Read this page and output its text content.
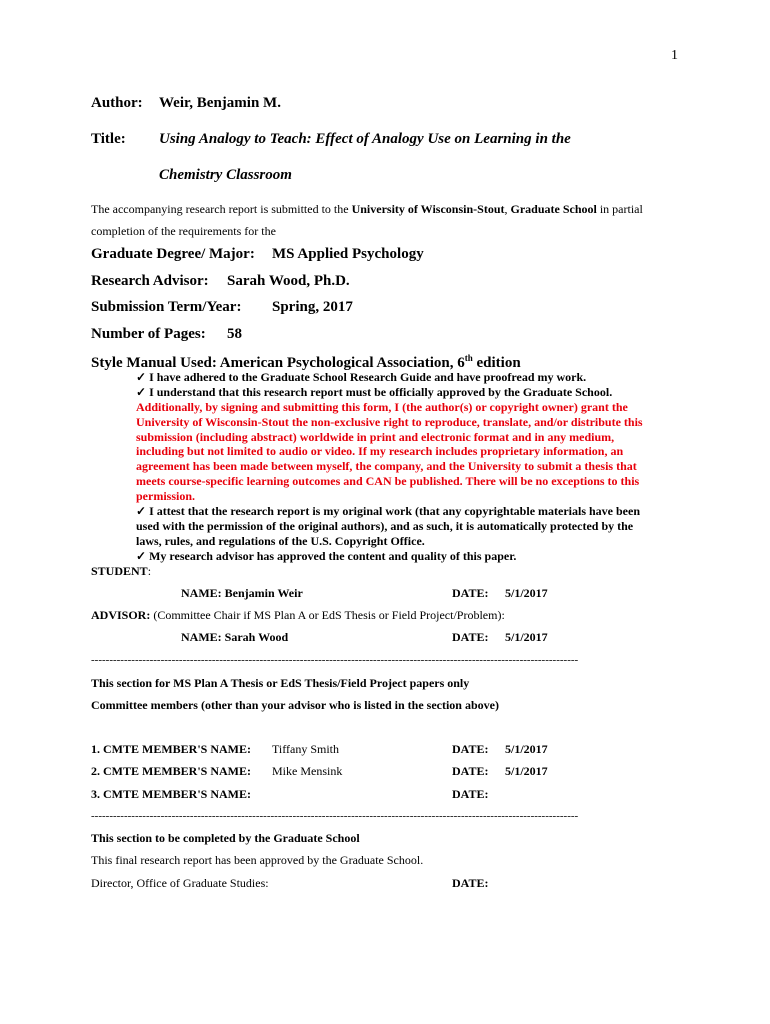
1
Author: Weir, Benjamin M.
Title: Using Analogy to Teach: Effect of Analogy Use on Learning in the
Chemistry Classroom
The accompanying research report is submitted to the University of Wisconsin-Stout, Graduate School in partial
completion of the requirements for the
Graduate Degree/ Major: MS Applied Psychology
Research Advisor: Sarah Wood, Ph.D.
Submission Term/Year: Spring, 2017
Number of Pages: 58
Style Manual Used: American Psychological Association, 6th edition
✓ I have adhered to the Graduate School Research Guide and have proofread my work.
✓ I understand that this research report must be officially approved by the Graduate School.
Additionally, by signing and submitting this form, I (the author(s) or copyright owner) grant the
University of Wisconsin-Stout the non-exclusive right to reproduce, translate, and/or distribute this
submission (including abstract) worldwide in print and electronic format and in any medium,
including but not limited to audio or video. If my research includes proprietary information, an
agreement has been made between myself, the company, and the University to submit a thesis that
meets course-specific learning outcomes and CAN be published. There will be no exceptions to this
permission.
✓ I attest that the research report is my original work (that any copyrightable materials have been
used with the permission of the original authors), and as such, it is automatically protected by the
laws, rules, and regulations of the U.S. Copyright Office.
✓ My research advisor has approved the content and quality of this paper.
STUDENT:
NAME: Benjamin Weir	DATE: 5/1/2017
ADVISOR: (Committee Chair if MS Plan A or EdS Thesis or Field Project/Problem):
NAME: Sarah Wood	DATE: 5/1/2017
-------------------------------------------------------------------------------------------------------------------------------------
This section for MS Plan A Thesis or EdS Thesis/Field Project papers only
Committee members (other than your advisor who is listed in the section above)
1. CMTE MEMBER'S NAME: Tiffany Smith	DATE: 5/1/2017
2. CMTE MEMBER'S NAME: Mike Mensink	DATE: 5/1/2017
3. CMTE MEMBER'S NAME:	DATE:
-------------------------------------------------------------------------------------------------------------------------------------
This section to be completed by the Graduate School
This final research report has been approved by the Graduate School.
Director, Office of Graduate Studies:	DATE:
